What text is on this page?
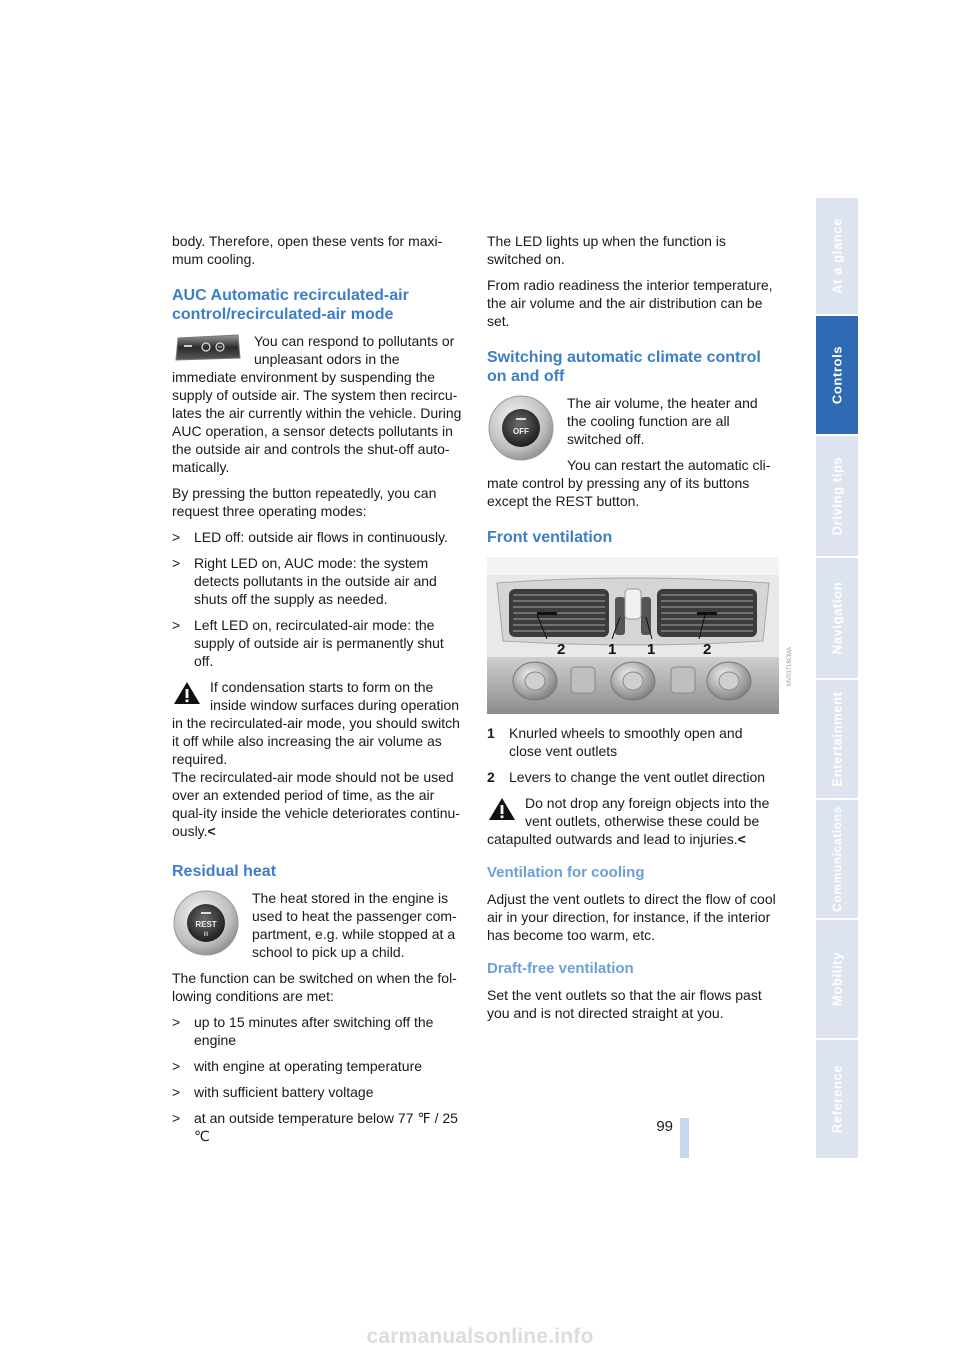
body. Therefore, open these vents for maxi-mum cooling.

AUC Automatic recirculated-air control/recirculated-air mode

You can respond to pollutants or unpleasant odors in the immediate environment by suspending the supply of outside air. The system then recircu-lates the air currently within the vehicle. During AUC operation, a sensor detects pollutants in the outside air and controls the shut-off auto-matically.

By pressing the button repeatedly, you can request three operating modes:

> LED off: outside air flows in continuously.
> Right LED on, AUC mode: the system detects pollutants in the outside air and shuts off the supply as needed.
> Left LED on, recirculated-air mode: the supply of outside air is permanently shut off.

If condensation starts to form on the inside window surfaces during operation in the recirculated-air mode, you should switch it off while also increasing the air volume as required.
The recirculated-air mode should not be used over an extended period of time, as the air qual-ity inside the vehicle deteriorates continu-ously.<

Residual heat
REST
III

The heat stored in the engine is used to heat the passenger com-partment, e.g. while stopped at a school to pick up a child.

The function can be switched on when the fol-lowing conditions are met:

> up to 15 minutes after switching off the engine
> with engine at operating temperature
> with sufficient battery voltage
> at an outside temperature below 77 ℉ / 25 ℃

The LED lights up when the function is switched on.

From radio readiness the interior temperature, the air volume and the air distribution can be set.

Switching automatic climate control on and off
OFF

The air volume, the heater and the cooling function are all switched off.

You can restart the automatic cli-mate control by pressing any of its buttons except the REST button.

Front ventilation
2	1 1	2	MV03718CMA
1 Knurled wheels to smoothly open and close vent outlets
2 Levers to change the vent outlet direction

Do not drop any foreign objects into the vent outlets, otherwise these could be catapulted outwards and lead to injuries.<

Ventilation for cooling

Adjust the vent outlets to direct the flow of cool air in your direction, for instance, if the interior has become too warm, etc.

Draft-free ventilation

Set the vent outlets so that the air flows past you and is not directed straight at you.

At a glance
Controls
Driving tips
Navigation
Entertainment
Communications
Mobility
Reference
99
carmanualsonline.info
